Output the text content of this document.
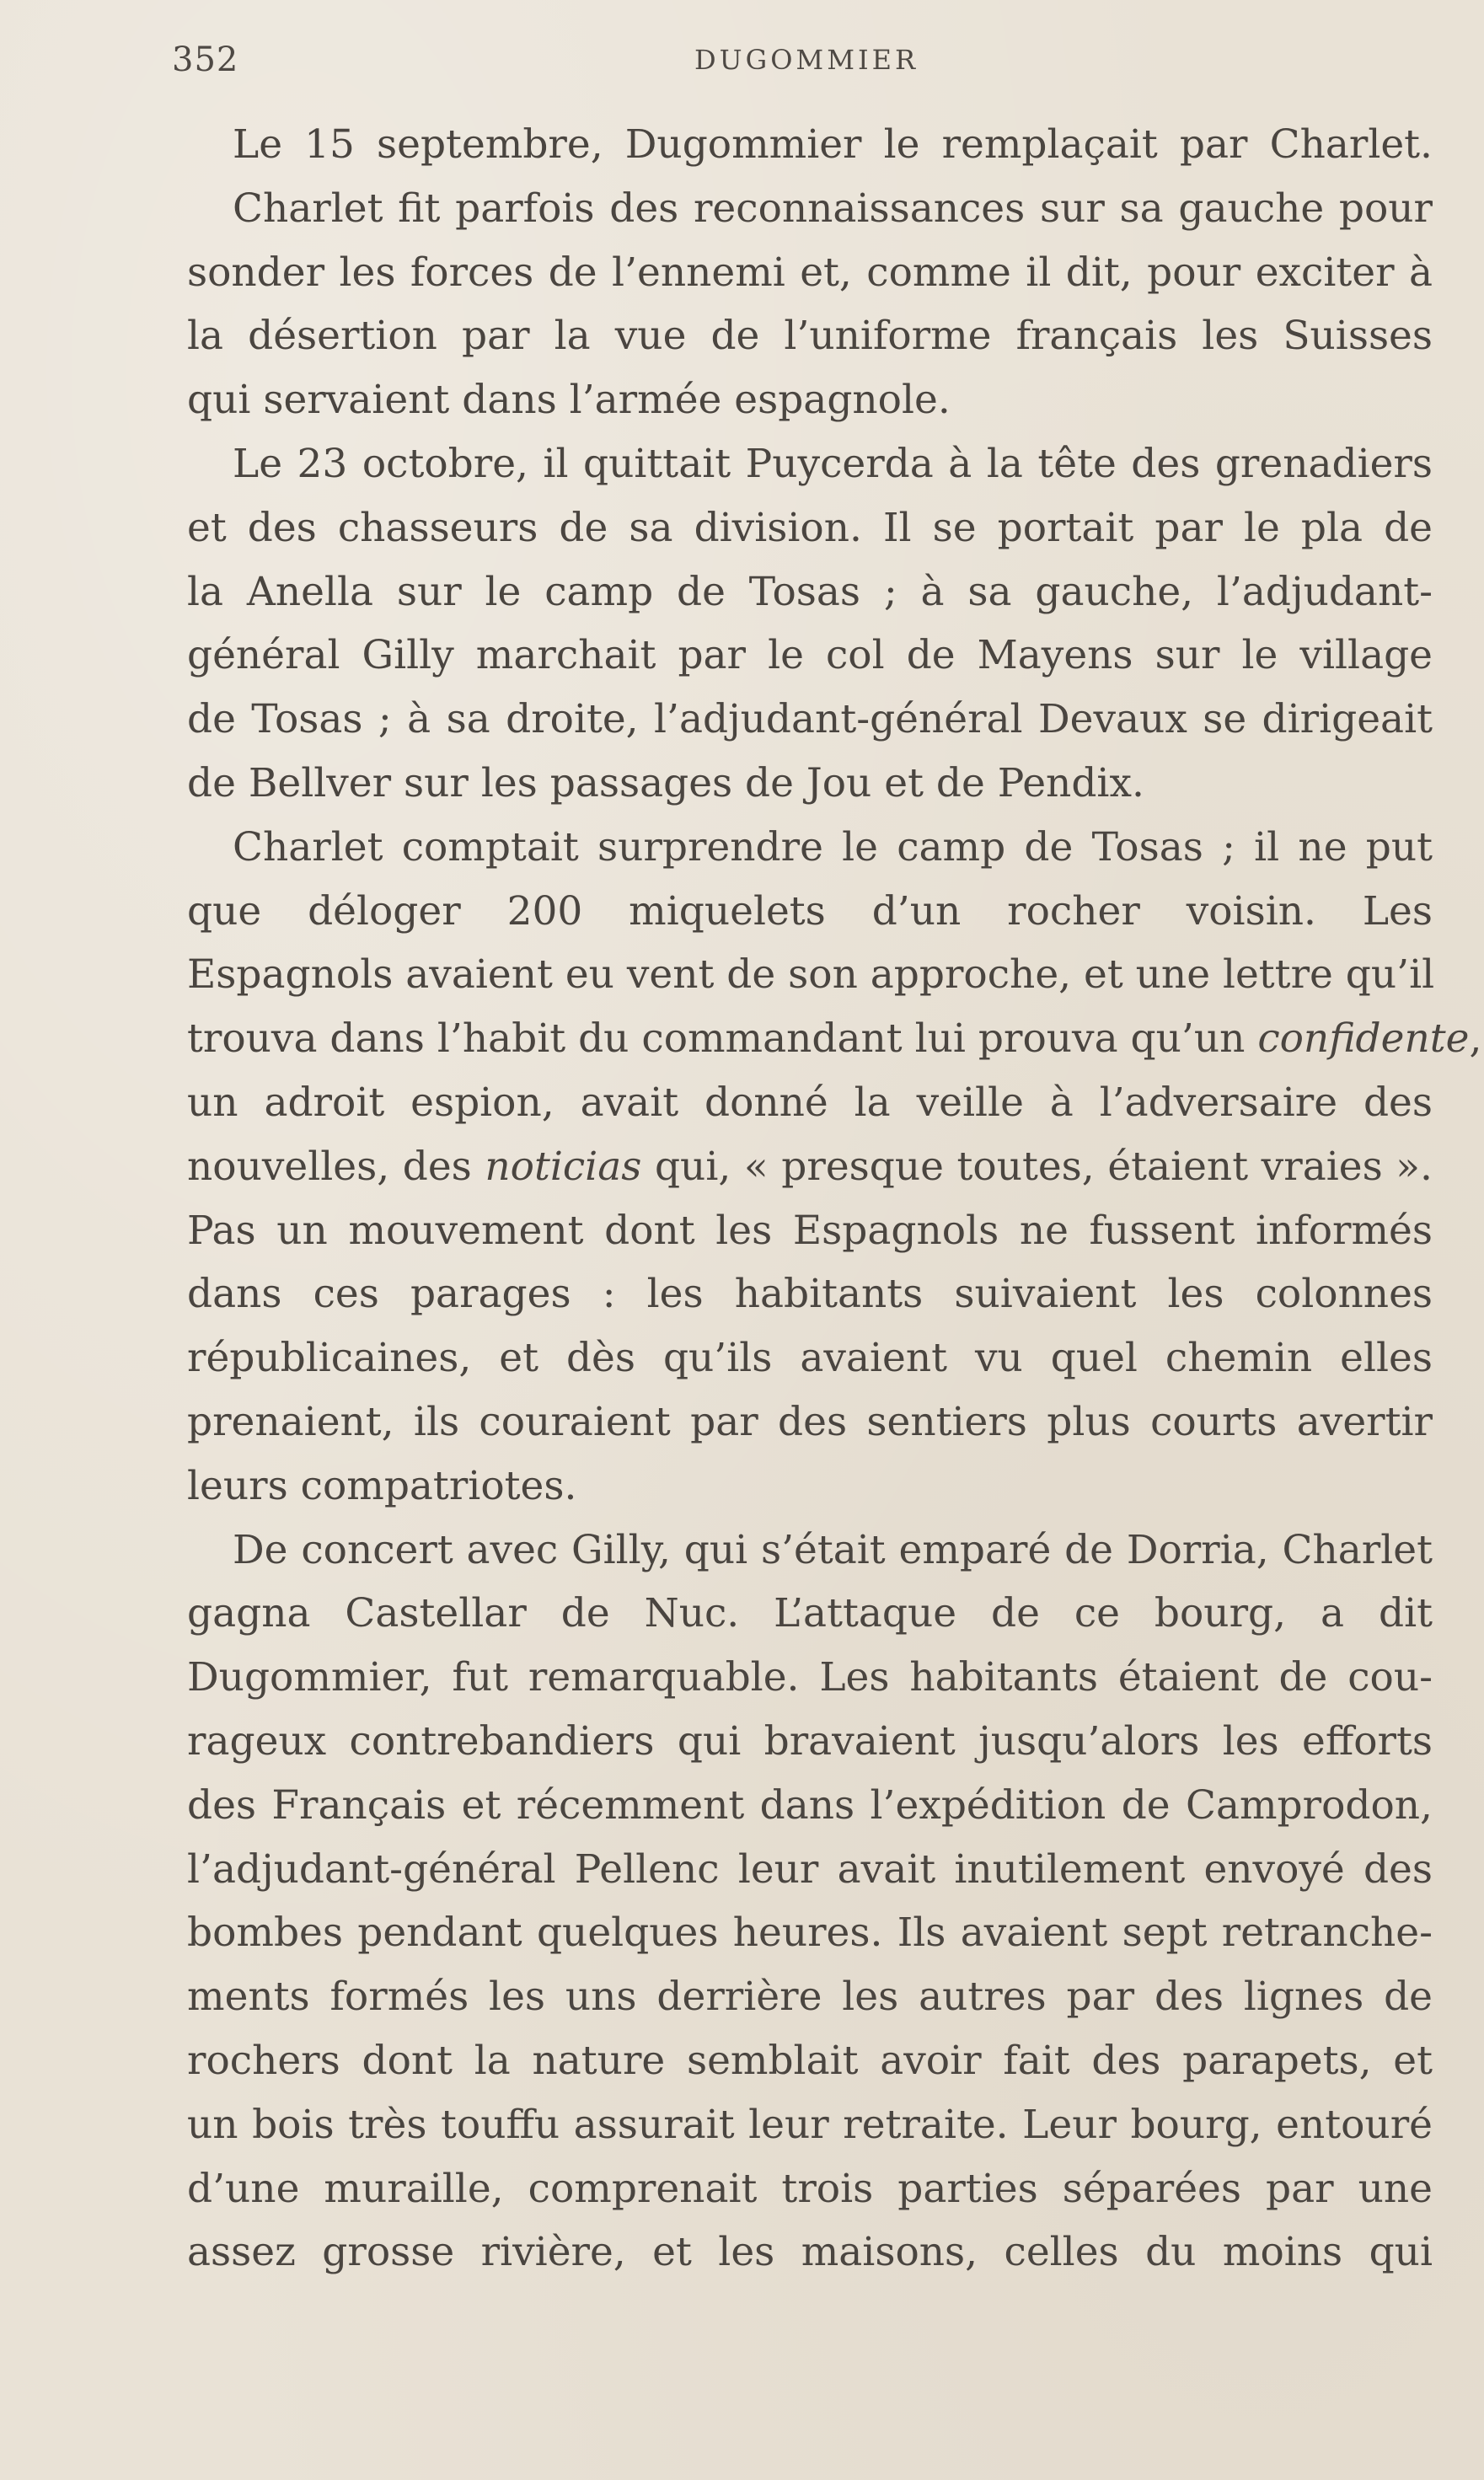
352	DUGOMMIER
Le 15 septembre, Dugommier le remplaçait par Charlet.
Charlet fit parfois des reconnaissances sur sa gauche pour
sonder les forces de l’ennemi et, comme il dit, pour exciter à
la désertion par la vue de l’uniforme français les Suisses
qui servaient dans l’armée espagnole.
Le 23 octobre, il quittait Puycerda à la tête des grenadiers
et des chasseurs de sa division. Il se portait par le pla de
la Anella sur le camp de Tosas ; à sa gauche, l’adjudant-
général Gilly marchait par le col de Mayens sur le village
de Tosas ; à sa droite, l’adjudant-général Devaux se dirigeait
de Bellver sur les passages de Jou et de Pendix.
Charlet comptait surprendre le camp de Tosas ; il ne put
que déloger 200 miquelets d’un rocher voisin. Les
Espagnols avaient eu vent de son approche, et une lettre qu’il
trouva dans l’habit du commandant lui prouva qu’un confidente,
un adroit espion, avait donné la veille à l’adversaire des
nouvelles, des noticias qui, « presque toutes, étaient vraies ».
Pas un mouvement dont les Espagnols ne fussent informés
dans ces parages : les habitants suivaient les colonnes
républicaines, et dès qu’ils avaient vu quel chemin elles
prenaient, ils couraient par des sentiers plus courts avertir
leurs compatriotes.
De concert avec Gilly, qui s’était emparé de Dorria, Charlet
gagna Castellar de Nuc. L’attaque de ce bourg, a dit
Dugommier, fut remarquable. Les habitants étaient de cou-
rageux contrebandiers qui bravaient jusqu’alors les efforts
des Français et récemment dans l’expédition de Camprodon,
l’adjudant-général Pellenc leur avait inutilement envoyé des
bombes pendant quelques heures. Ils avaient sept retranche-
ments formés les uns derrière les autres par des lignes de
rochers dont la nature semblait avoir fait des parapets, et
un bois très touffu assurait leur retraite. Leur bourg, entouré
d’une muraille, comprenait trois parties séparées par une
assez grosse rivière, et les maisons, celles du moins qui
